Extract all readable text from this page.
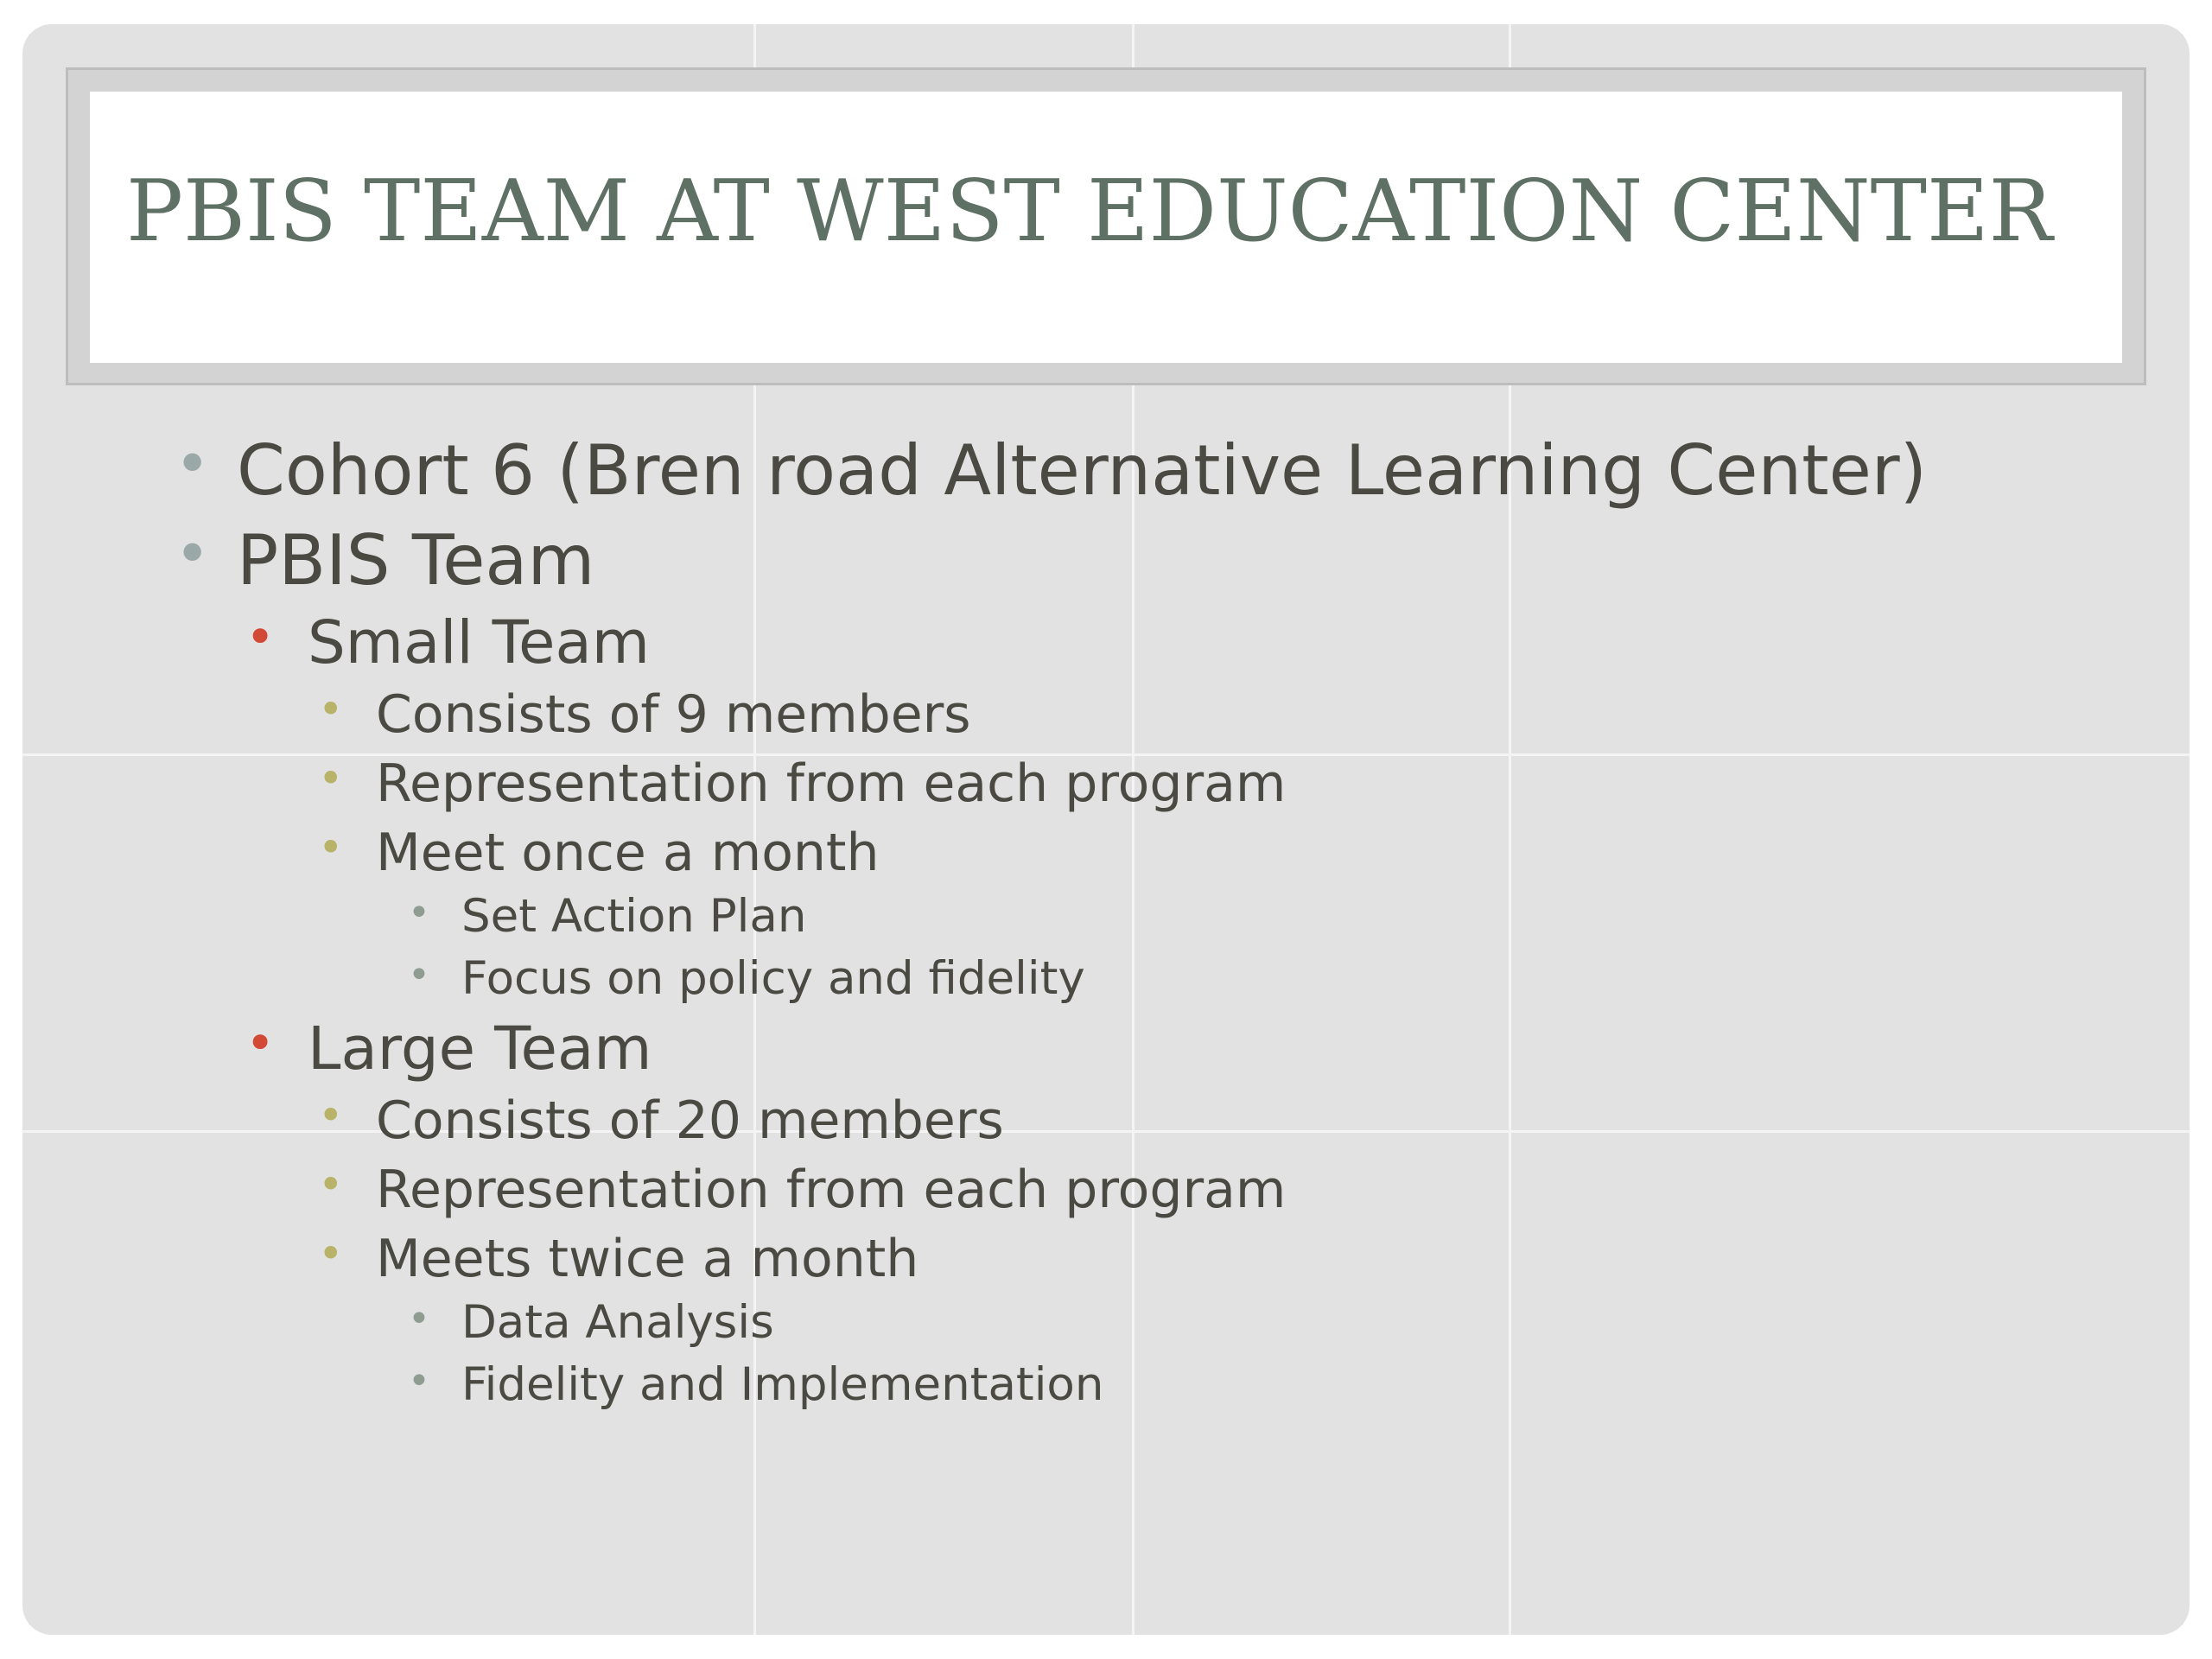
PBIS TEAM AT WEST EDUCATION CENTER
• Cohort 6 (Bren road Alternative Learning Center)
• PBIS Team
• Small Team
• Consists of 9 members
• Representation from each program
• Meet once a month
• Set Action Plan
• Focus on policy and fidelity
• Large Team
• Consists of 20 members
• Representation from each program
• Meets twice a month
• Data Analysis
• Fidelity and Implementation
